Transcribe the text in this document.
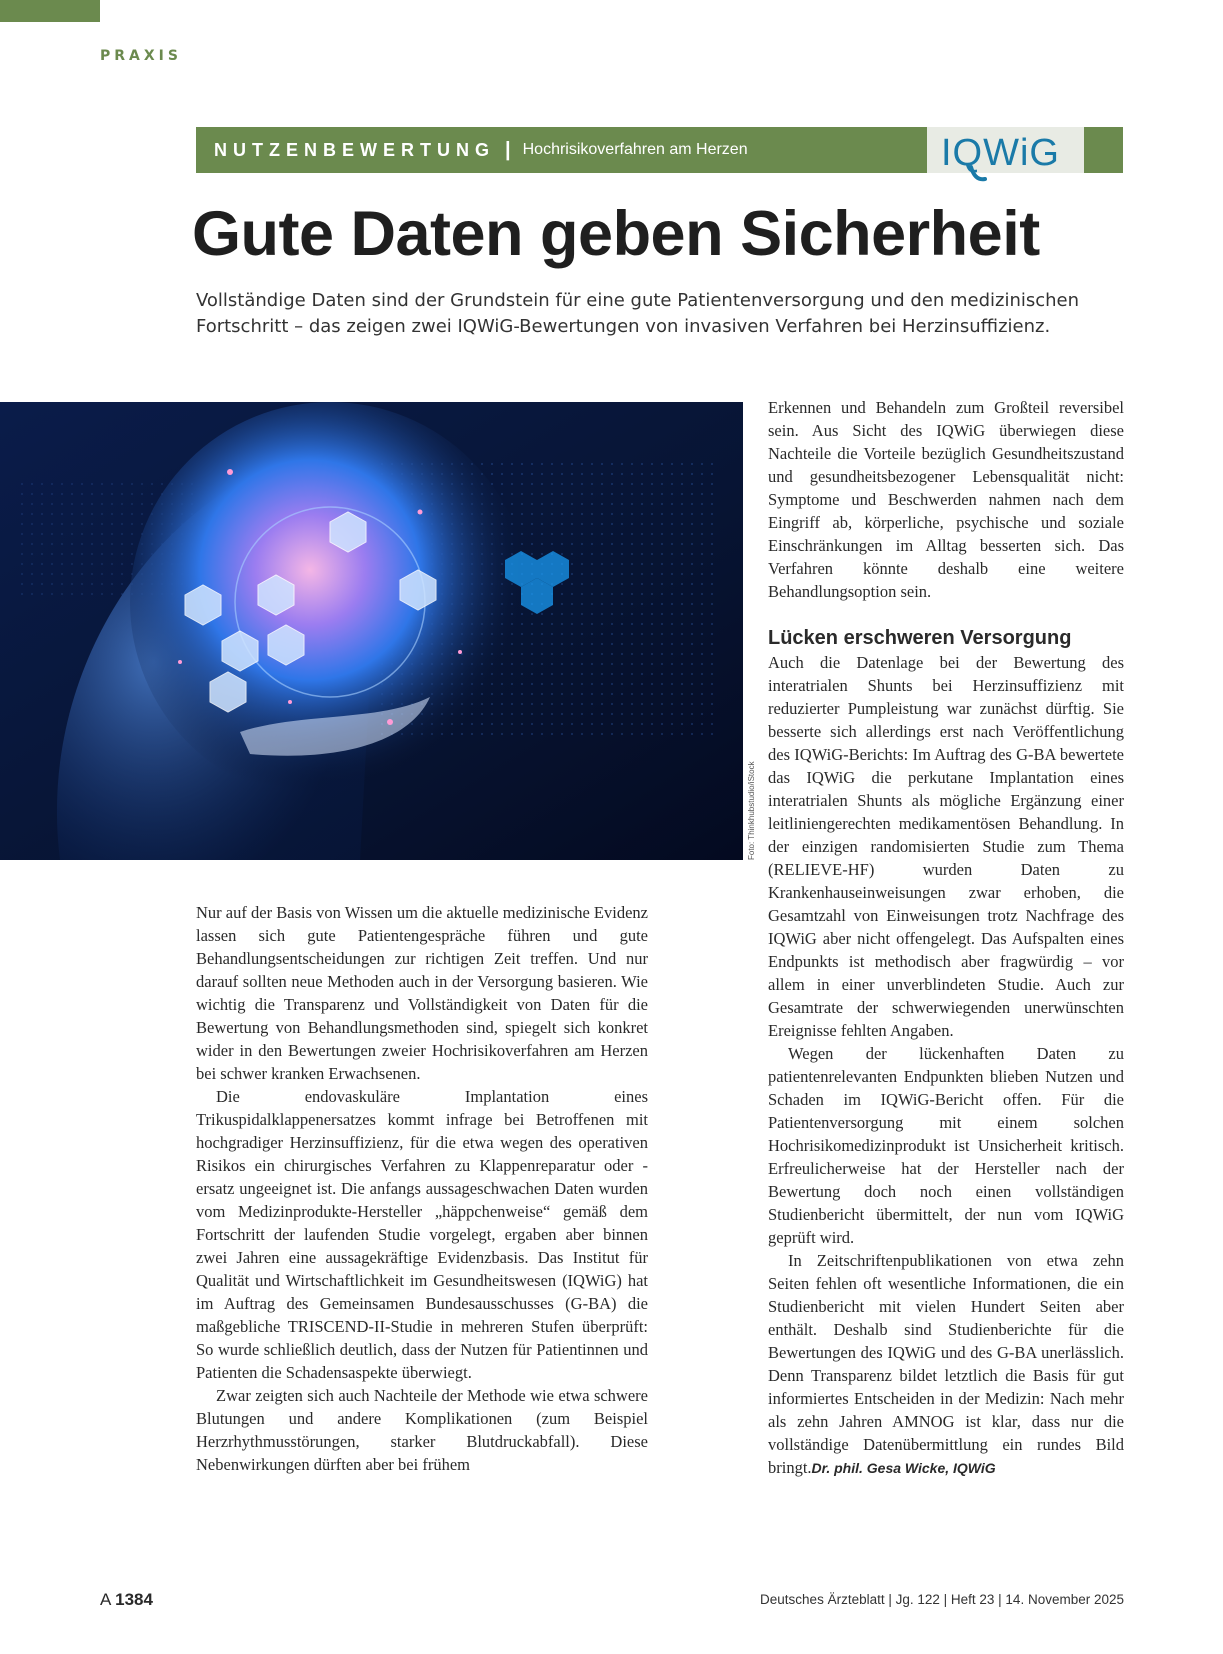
PRAXIS
NUTZENBEWERTUNG | Hochrisikoverfahren am Herzen	IQWiG
Gute Daten geben Sicherheit

Vollständige Daten sind der Grundstein für eine gute Patientenversorgung und den medizinischen Fortschritt – das zeigen zwei IQWiG-Bewertungen von invasiven Verfahren bei Herzinsuffizienz.

Foto: Thinkhubstudio/iStock

Nur auf der Basis von Wissen um die aktuelle medizinische Evidenz lassen sich gute Patientengespräche führen und gute Behandlungsentscheidungen zur richtigen Zeit treffen. Und nur darauf sollten neue Methoden auch in der Versorgung basieren. Wie wichtig die Transparenz und Vollständigkeit von Daten für die Bewertung von Behandlungsmethoden sind, spiegelt sich konkret wider in den Bewertungen zweier Hochrisikoverfahren am Herzen bei schwer kranken Erwachsenen.

Die endovaskuläre Implantation eines Trikuspidalklappenersatzes kommt infrage bei Betroffenen mit hochgradiger Herzinsuffizienz, für die etwa wegen des operativen Risikos ein chirurgisches Verfahren zu Klappenreparatur oder -ersatz ungeeignet ist. Die anfangs aussageschwachen Daten wurden vom Medizinprodukte-Hersteller „häppchenweise“ gemäß dem Fortschritt der laufenden Studie vorgelegt, ergaben aber binnen zwei Jahren eine aussagekräftige Evidenzbasis. Das Institut für Qualität und Wirtschaftlichkeit im Gesundheitswesen (IQWiG) hat im Auftrag des Gemeinsamen Bundesausschusses (G-BA) die maßgebliche TRISCEND-II-Studie in mehreren Stufen überprüft: So wurde schließlich deutlich, dass der Nutzen für Patientinnen und Patienten die Schadensaspekte überwiegt.

Zwar zeigten sich auch Nachteile der Methode wie etwa schwere Blutungen und andere Komplikationen (zum Beispiel Herzrhythmusstörungen, starker Blutdruckabfall). Diese Nebenwirkungen dürften aber bei frühem

Erkennen und Behandeln zum Großteil reversibel sein. Aus Sicht des IQWiG überwiegen diese Nachteile die Vorteile bezüglich Gesundheitszustand und gesundheitsbezogener Lebensqualität nicht: Symptome und Beschwerden nahmen nach dem Eingriff ab, körperliche, psychische und soziale Einschränkungen im Alltag besserten sich. Das Verfahren könnte deshalb eine weitere Behandlungsoption sein.

Lücken erschweren Versorgung

Auch die Datenlage bei der Bewertung des interatrialen Shunts bei Herzinsuffizienz mit reduzierter Pumpleistung war zunächst dürftig. Sie besserte sich allerdings erst nach Veröffentlichung des IQWiG-Berichts: Im Auftrag des G-BA bewertete das IQWiG die perkutane Implantation eines interatrialen Shunts als mögliche Ergänzung einer leitliniengerechten medikamentösen Behandlung. In der einzigen randomisierten Studie zum Thema (RELIEVE-HF) wurden Daten zu Krankenhauseinweisungen zwar erhoben, die Gesamtzahl von Einweisungen trotz Nachfrage des IQWiG aber nicht offengelegt. Das Aufspalten eines Endpunkts ist methodisch aber fragwürdig – vor allem in einer unverblindeten Studie. Auch zur Gesamtrate der schwerwiegenden unerwünschten Ereignisse fehlten Angaben.

Wegen der lückenhaften Daten zu patientenrelevanten Endpunkten blieben Nutzen und Schaden im IQWiG-Bericht offen. Für die Patientenversorgung mit einem solchen Hochrisikomedizinprodukt ist Unsicherheit kritisch. Erfreulicherweise hat der Hersteller nach der Bewertung doch noch einen vollständigen Studienbericht übermittelt, der nun vom IQWiG geprüft wird.

In Zeitschriftenpublikationen von etwa zehn Seiten fehlen oft wesentliche Informationen, die ein Studienbericht mit vielen Hundert Seiten aber enthält. Deshalb sind Studienberichte für die Bewertungen des IQWiG und des G-BA unerlässlich. Denn Transparenz bildet letztlich die Basis für gut informiertes Entscheiden in der Medizin: Nach mehr als zehn Jahren AMNOG ist klar, dass nur die vollständige Datenübermittlung ein rundes Bild bringt.Dr. phil. Gesa Wicke, IQWiG

A 1384	Deutsches Ärzteblatt | Jg. 122 | Heft 23 | 14. November 2025
